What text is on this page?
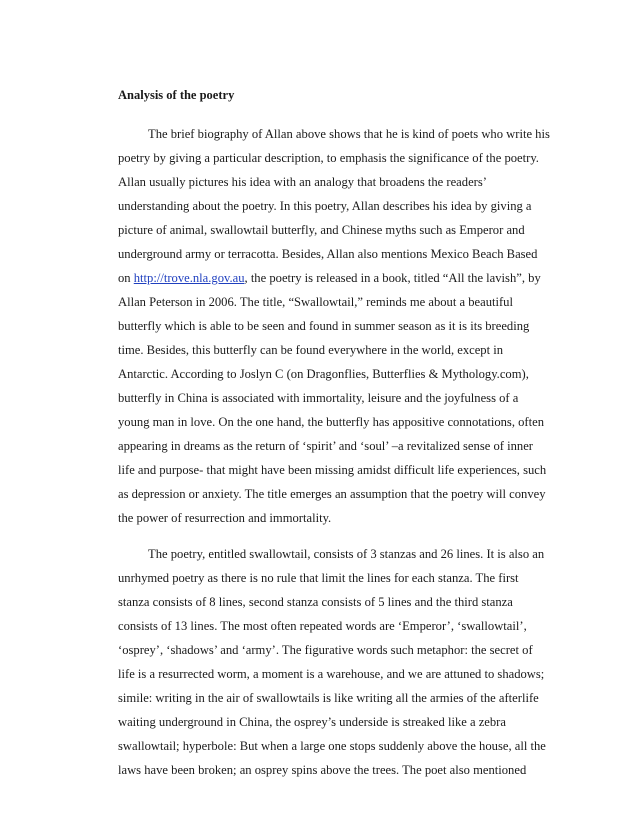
Analysis of the poetry
The brief biography of Allan above shows that he is kind of poets who write his
poetry by giving a particular description, to emphasis the significance of the poetry.
Allan usually pictures his idea with an analogy that broadens the readers’
understanding about the poetry. In this poetry, Allan describes his idea by giving a
picture of animal, swallowtail butterfly, and Chinese myths such as Emperor and
underground army or terracotta. Besides, Allan also mentions Mexico Beach Based
on http://trove.nla.gov.au, the poetry is released in a book, titled “All the lavish”, by
Allan Peterson in 2006. The title, “Swallowtail,” reminds me about a beautiful
butterfly which is able to be seen and found in summer season as it is its breeding
time. Besides, this butterfly can be found everywhere in the world, except in
Antarctic. According to Joslyn C (on Dragonflies, Butterflies & Mythology.com),
butterfly in China is associated with immortality, leisure and the joyfulness of a
young man in love. On the one hand, the butterfly has appositive connotations, often
appearing in dreams as the return of ‘spirit’ and ‘soul’ –a revitalized sense of inner
life and purpose- that might have been missing amidst difficult life experiences, such
as depression or anxiety. The title emerges an assumption that the poetry will convey
the power of resurrection and immortality.
The poetry, entitled swallowtail, consists of 3 stanzas and 26 lines. It is also an
unrhymed poetry as there is no rule that limit the lines for each stanza. The first
stanza consists of 8 lines, second stanza consists of 5 lines and the third stanza
consists of 13 lines. The most often repeated words are ‘Emperor’, ‘swallowtail’,
‘osprey’, ‘shadows’ and ‘army’. The figurative words such metaphor: the secret of
life is a resurrected worm, a moment is a warehouse, and we are attuned to shadows;
simile: writing in the air of swallowtails is like writing all the armies of the afterlife
waiting underground in China, the osprey’s underside is streaked like a zebra
swallowtail; hyperbole: But when a large one stops suddenly above the house, all the
laws have been broken; an osprey spins above the trees. The poet also mentioned
